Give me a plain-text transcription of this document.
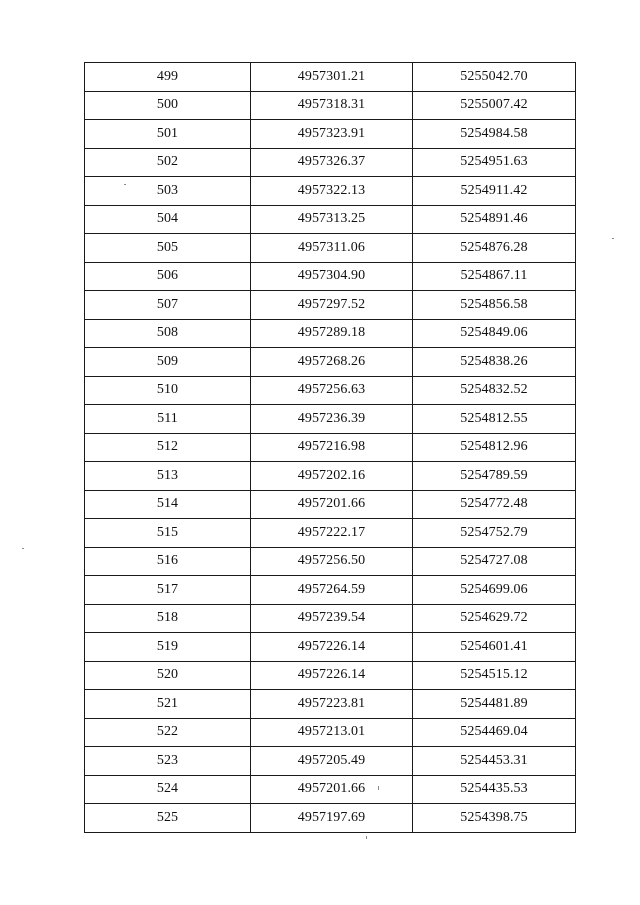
499	4957301.21	5255042.70
500	4957318.31	5255007.42
501	4957323.91	5254984.58
502	4957326.37	5254951.63
503	4957322.13	5254911.42
504	4957313.25	5254891.46
505	4957311.06	5254876.28
506	4957304.90	5254867.11
507	4957297.52	5254856.58
508	4957289.18	5254849.06
509	4957268.26	5254838.26
510	4957256.63	5254832.52
511	4957236.39	5254812.55
512	4957216.98	5254812.96
513	4957202.16	5254789.59
514	4957201.66	5254772.48
515	4957222.17	5254752.79
516	4957256.50	5254727.08
517	4957264.59	5254699.06
518	4957239.54	5254629.72
519	4957226.14	5254601.41
520	4957226.14	5254515.12
521	4957223.81	5254481.89
522	4957213.01	5254469.04
523	4957205.49	5254453.31
524	4957201.66	5254435.53
525	4957197.69	5254398.75
